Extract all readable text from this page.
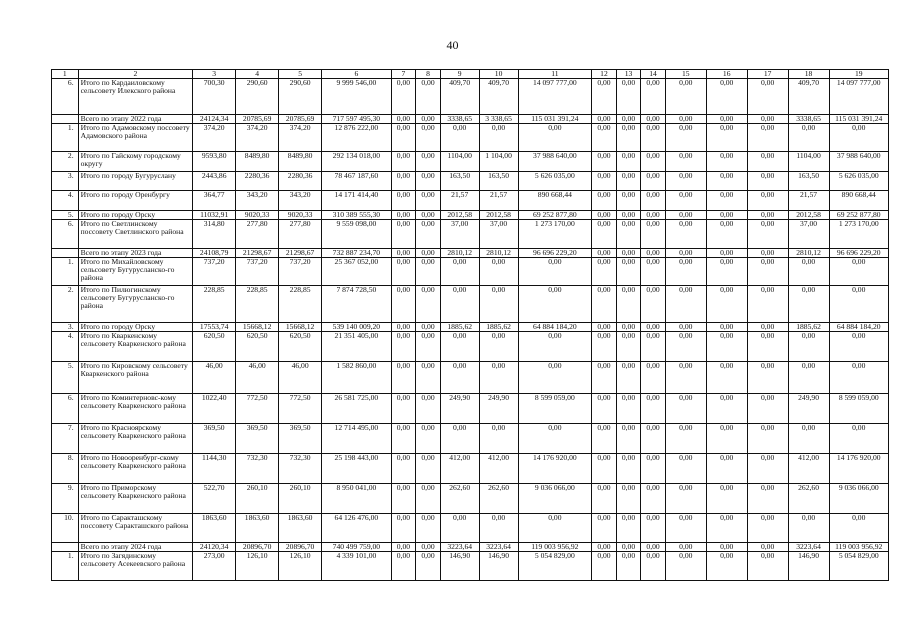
40
1	2	3	4	5	6	7	8	9	10	11	12	13	14	15	16	17	18	19
6.	Итого по Кардаиловскому сельсовету Илекского района	700,30	290,60	290,60	9 999 546,00	0,00	0,00	409,70	409,70	14 097 777,00	0,00	0,00	0,00	0,00	0,00	0,00	409,70	14 097 777,00
	Всего по этапу 2022 года	24124,34	20785,69	20785,69	717 597 495,30	0,00	0,00	3338,65	3 338,65	115 031 391,24	0,00	0,00	0,00	0,00	0,00	0,00	3338,65	115 031 391,24
1.	Итого по Адамовскому поссовету Адамовского района	374,20	374,20	374,20	12 876 222,00	0,00	0,00	0,00	0,00	0,00	0,00	0,00	0,00	0,00	0,00	0,00	0,00	0,00
2.	Итого по Гайскому городскому округу	9593,80	8489,80	8489,80	292 134 018,00	0,00	0,00	1104,00	1 104,00	37 988 640,00	0,00	0,00	0,00	0,00	0,00	0,00	1104,00	37 988 640,00
3.	Итого по городу Бугуруслану	2443,86	2280,36	2280,36	78 467 187,60	0,00	0,00	163,50	163,50	5 626 035,00	0,00	0,00	0,00	0,00	0,00	0,00	163,50	5 626 035,00
4.	Итого по городу Оренбургу	364,77	343,20	343,20	14 171 414,40	0,00	0,00	21,57	21,57	890 668,44	0,00	0,00	0,00	0,00	0,00	0,00	21,57	890 668,44
5.	Итого по городу Орску	11032,91	9020,33	9020,33	310 389 555,30	0,00	0,00	2012,58	2012,58	69 252 877,80	0,00	0,00	0,00	0,00	0,00	0,00	2012,58	69 252 877,80
6.	Итого по Светлинскому поссовету Светлинского района	314,80	277,80	277,80	9 559 098,00	0,00	0,00	37,00	37,00	1 273 170,00	0,00	0,00	0,00	0,00	0,00	0,00	37,00	1 273 170,00
	Всего по этапу 2023 года	24108,79	21298,67	21298,67	732 887 234,70	0,00	0,00	2810,12	2810,12	96 696 229,20	0,00	0,00	0,00	0,00	0,00	0,00	2810,12	96 696 229,20
1.	Итого по Михайловскому сельсовету Бугурусланско-го района	737,20	737,20	737,20	25 367 052,00	0,00	0,00	0,00	0,00	0,00	0,00	0,00	0,00	0,00	0,00	0,00	0,00	0,00
2.	Итого по Пилюгинскому сельсовету Бугурусланско-го района	228,85	228,85	228,85	7 874 728,50	0,00	0,00	0,00	0,00	0,00	0,00	0,00	0,00	0,00	0,00	0,00	0,00	0,00
3.	Итого по городу Орску	17553,74	15668,12	15668,12	539 140 009,20	0,00	0,00	1885,62	1885,62	64 884 184,20	0,00	0,00	0,00	0,00	0,00	0,00	1885,62	64 884 184,20
4.	Итого по Кваркенскому сельсовету Кваркенского района	620,50	620,50	620,50	21 351 405,00	0,00	0,00	0,00	0,00	0,00	0,00	0,00	0,00	0,00	0,00	0,00	0,00	0,00
5.	Итого по Кировскому сельсовету Кваркенского района	46,00	46,00	46,00	1 582 860,00	0,00	0,00	0,00	0,00	0,00	0,00	0,00	0,00	0,00	0,00	0,00	0,00	0,00
6.	Итого по Коминтерновс-кому сельсовету Кваркенского района	1022,40	772,50	772,50	26 581 725,00	0,00	0,00	249,90	249,90	8 599 059,00	0,00	0,00	0,00	0,00	0,00	0,00	249,90	8 599 059,00
7.	Итого по Красноярскому сельсовету Кваркенского района	369,50	369,50	369,50	12 714 495,00	0,00	0,00	0,00	0,00	0,00	0,00	0,00	0,00	0,00	0,00	0,00	0,00	0,00
8.	Итого по Новооренбург-скому сельсовету Кваркенского района	1144,30	732,30	732,30	25 198 443,00	0,00	0,00	412,00	412,00	14 176 920,00	0,00	0,00	0,00	0,00	0,00	0,00	412,00	14 176 920,00
9.	Итого по Приморскому сельсовету Кваркенского района	522,70	260,10	260,10	8 950 041,00	0,00	0,00	262,60	262,60	9 036 066,00	0,00	0,00	0,00	0,00	0,00	0,00	262,60	9 036 066,00
10.	Итого по Саракташскому поссовету Саракташского района	1863,60	1863,60	1863,60	64 126 476,00	0,00	0,00	0,00	0,00	0,00	0,00	0,00	0,00	0,00	0,00	0,00	0,00	0,00
	Всего по этапу 2024 года	24120,34	20896,70	20896,70	740 499 759,00	0,00	0,00	3223,64	3223,64	119 003 956,92	0,00	0,00	0,00	0,00	0,00	0,00	3223,64	119 003 956,92
1.	Итого по Загядинскому сельсовету Асекеевского района	273,00	126,10	126,10	4 339 101,00	0,00	0,00	146,90	146,90	5 054 829,00	0,00	0,00	0,00	0,00	0,00	0,00	146,90	5 054 829,00
